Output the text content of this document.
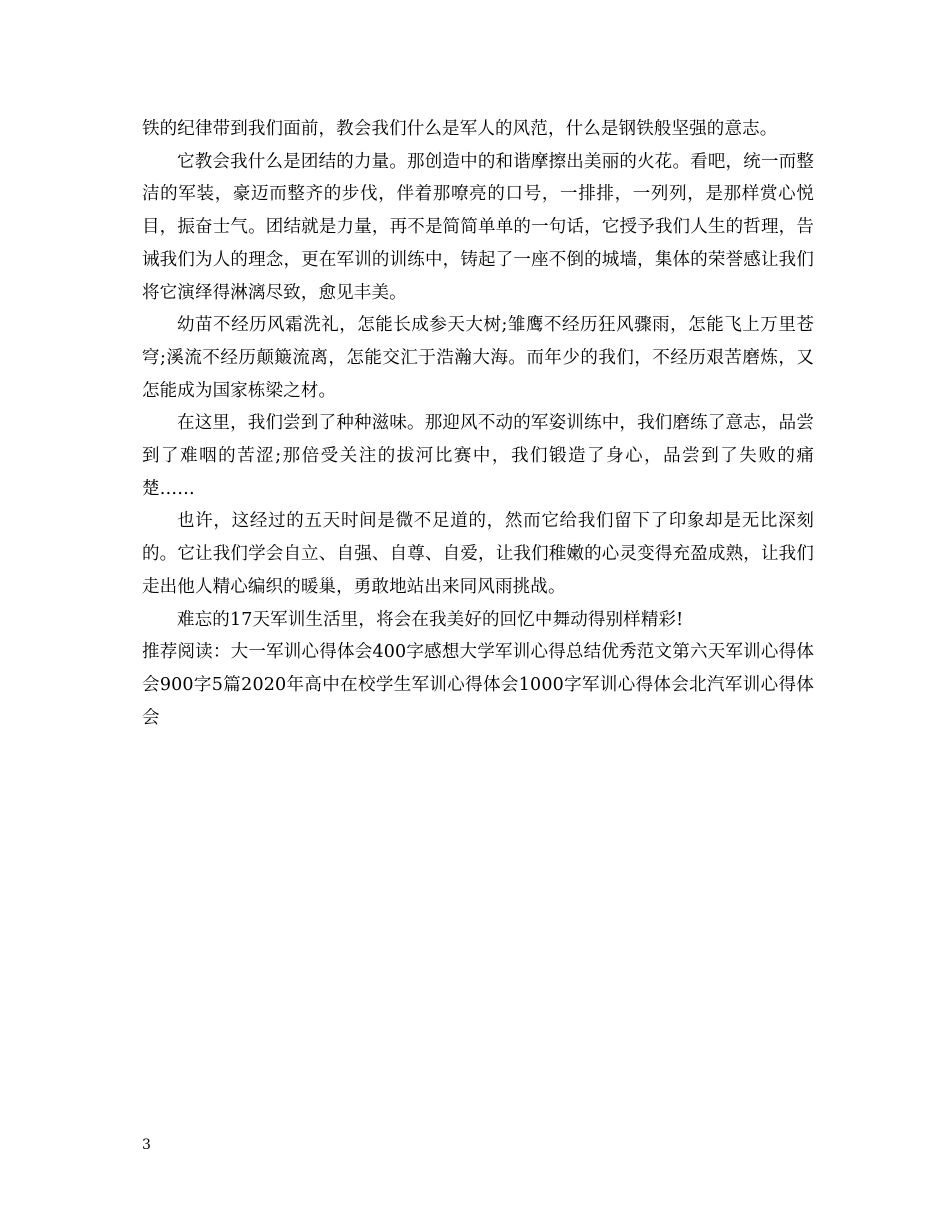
铁的纪律带到我们面前，教会我们什么是军人的风范，什么是钢铁般坚强的意志。

它教会我什么是团结的力量。那创造中的和谐摩擦出美丽的火花。看吧，统一而整洁的军装，豪迈而整齐的步伐，伴着那嘹亮的口号，一排排，一列列，是那样赏心悦目，振奋士气。团结就是力量，再不是简简单单的一句话，它授予我们人生的哲理，告诫我们为人的理念，更在军训的训练中，铸起了一座不倒的城墙，集体的荣誉感让我们将它演绎得淋漓尽致，愈见丰美。

幼苗不经历风霜洗礼，怎能长成参天大树;雏鹰不经历狂风骤雨，怎能飞上万里苍穹;溪流不经历颠簸流离，怎能交汇于浩瀚大海。而年少的我们，不经历艰苦磨炼，又怎能成为国家栋梁之材。

在这里，我们尝到了种种滋味。那迎风不动的军姿训练中，我们磨练了意志，品尝到了难咽的苦涩;那倍受关注的拔河比赛中，我们锻造了身心，品尝到了失败的痛楚……

也许，这经过的五天时间是微不足道的，然而它给我们留下了印象却是无比深刻的。它让我们学会自立、自强、自尊、自爱，让我们稚嫩的心灵变得充盈成熟，让我们走出他人精心编织的暖巢，勇敢地站出来同风雨挑战。

难忘的17天军训生活里，将会在我美好的回忆中舞动得别样精彩!

推荐阅读：大一军训心得体会400字感想大学军训心得总结优秀范文第六天军训心得体会900字5篇2020年高中在校学生军训心得体会1000字军训心得体会北汽军训心得体会

3
